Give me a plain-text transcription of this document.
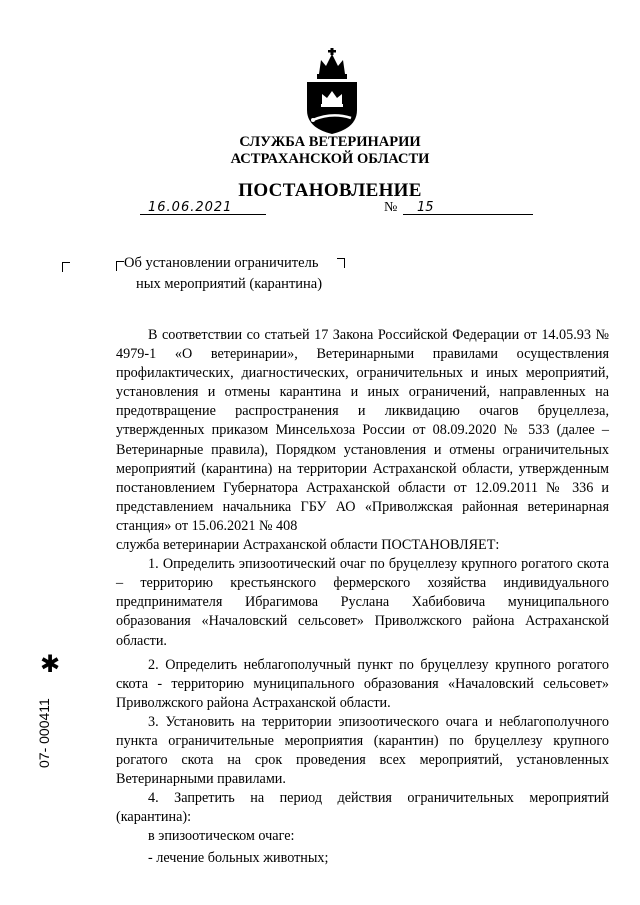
СЛУЖБА ВЕТЕРИНАРИИ
АСТРАХАНСКОЙ ОБЛАСТИ
ПОСТАНОВЛЕНИЕ
16.06.2021	№	15
Об установлении ограничитель
ных мероприятий (карантина)

В соответствии со статьей 17 Закона Российской Федерации от 14.05.93 № 4979-1 «О ветеринарии», Ветеринарными правилами осуществления профилактических, диагностических, ограничительных и иных мероприятий, установления и отмены карантина и иных ограничений, направленных на предотвращение распространения и ликвидацию очагов бруцеллеза, утвержденных приказом Минсельхоза России от 08.09.2020 № 533 (далее – Ветеринарные правила), Порядком установления и отмены ограничительных мероприятий (карантина) на территории Астраханской области, утвержденным постановлением Губернатора Астраханской области от 12.09.2011 № 336 и представлением начальника ГБУ АО «Приволжская районная ветеринарная станция» от 15.06.2021 № 408

служба ветеринарии Астраханской области ПОСТАНОВЛЯЕТ:

1. Определить эпизоотический очаг по бруцеллезу крупного рогатого скота – территорию крестьянского фермерского хозяйства индивидуального предпринимателя Ибрагимова Руслана Хабибовича муниципального образования «Началовский сельсовет» Приволжского района Астраханской области.

2. Определить неблагополучный пункт по бруцеллезу крупного рогатого скота - территорию муниципального образования «Началовский сельсовет» Приволжского района Астраханской области.

3. Установить на территории эпизоотического очага и неблагополучного пункта ограничительные мероприятия (карантин) по бруцеллезу крупного рогатого скота на срок проведения всех мероприятий, установленных Ветеринарными правилами.

4. Запретить на период действия ограничительных мероприятий (карантина):

в эпизоотическом очаге:

- лечение больных животных;

07- 000411
✱
